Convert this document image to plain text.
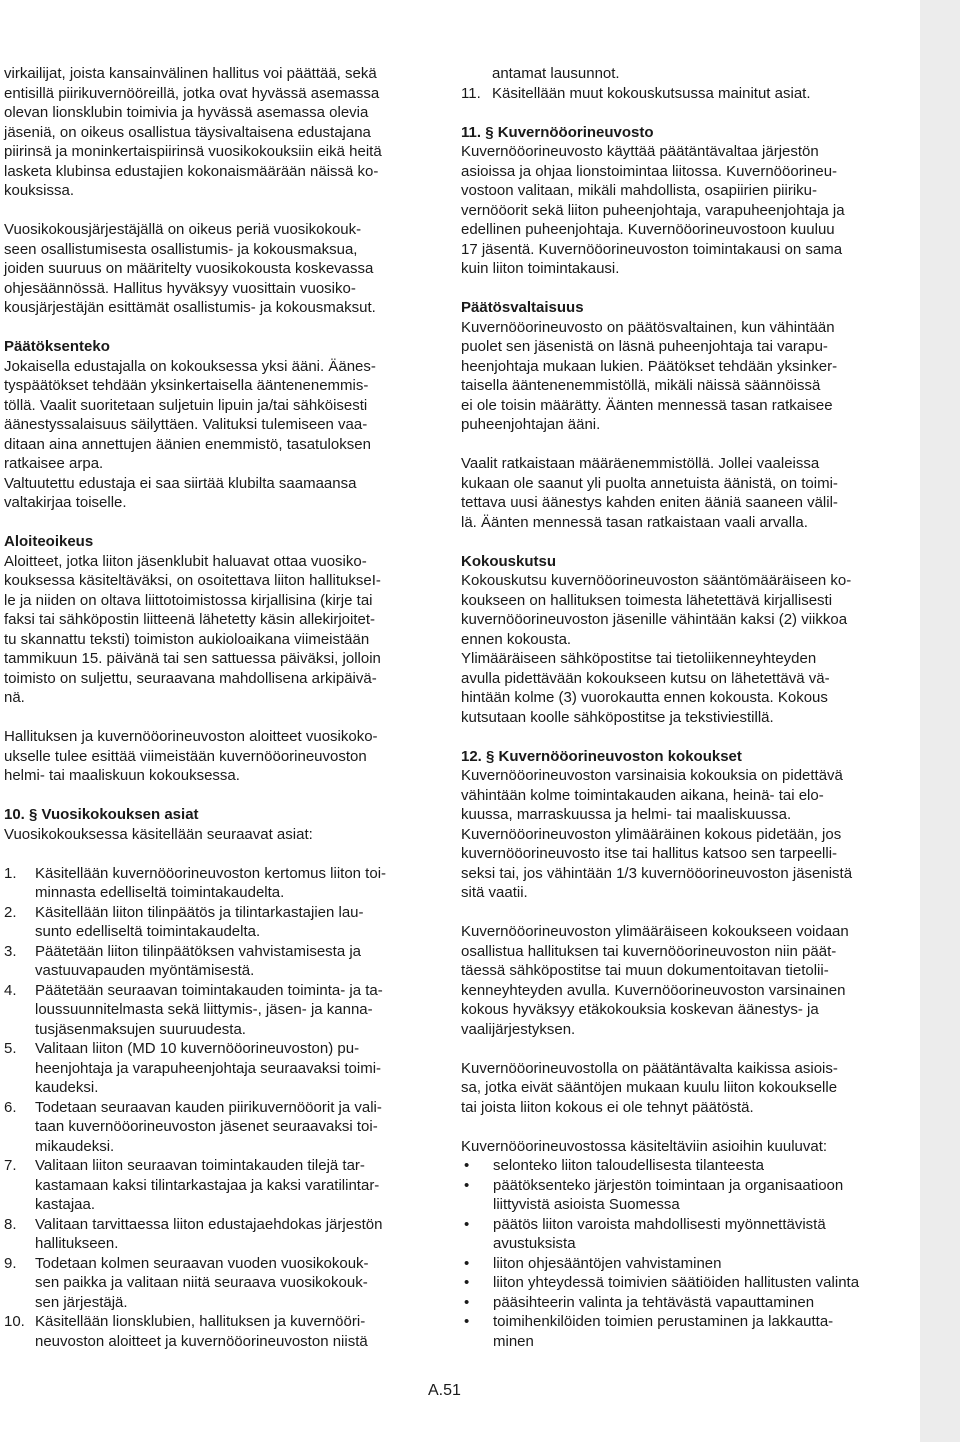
virkailijat, joista kansainvälinen hallitus voi päättää, sekä
entisillä piirikuvernööreillä, jotka ovat hyvässä asemassa
olevan lionsklubin toimivia ja hyvässä asemassa olevia
jäseniä, on oikeus osallistua täysivaltaisena edustajana
piirinsä ja moninkertaispiirinsä vuosikokouksiin eikä heitä
lasketa klubinsa edustajien kokonaismäärään näissä ko-
kouksissa.

Vuosikokousjärjestäjällä on oikeus periä vuosikokouk-
seen osallistumisesta osallistumis- ja kokousmaksua,
joiden suuruus on määritelty vuosikokousta koskevassa
ohjesäännössä. Hallitus hyväksyy vuosittain vuosiko-
kousjärjestäjän esittämät osallistumis- ja kokousmaksut.

Päätöksenteko

Jokaisella edustajalla on kokouksessa yksi ääni. Äänes-
tyspäätökset tehdään yksinkertaisella ääntenenemmis-
töllä. Vaalit suoritetaan suljetuin lipuin ja/tai sähköisesti
äänestyssalaisuus säilyttäen. Valituksi tulemiseen vaa-
ditaan aina annettujen äänien enemmistö, tasatuloksen
ratkaisee arpa.
Valtuutettu edustaja ei saa siirtää klubilta saamaansa
valtakirjaa toiselle.

Aloiteoikeus

Aloitteet, jotka liiton jäsenklubit haluavat ottaa vuosiko-
kouksessa käsiteltäväksi, on osoitettava liiton hallitukseI-
le ja niiden on oltava liittotoimistossa kirjallisina (kirje tai
faksi tai sähköpostin liitteenä lähetetty käsin allekirjoitet-
tu skannattu teksti) toimiston aukioloaikana viimeistään
tammikuun 15. päivänä tai sen sattuessa päiväksi, jolloin
toimisto on suljettu, seuraavana mahdollisena arkipäivä-
nä.

Hallituksen ja kuvernööorineuvoston aloitteet vuosikoko-
ukselle tulee esittää viimeistään kuvernööorineuvoston
helmi- tai maaliskuun kokouksessa.

10. § Vuosikokouksen asiat

Vuosikokouksessa käsitellään seuraavat asiat:

1. Käsitellään kuvernööorineuvoston kertomus liiton toi-
minnasta edelliseltä toimintakaudelta.
2. Käsitellään liiton tilinpäätös ja tilintarkastajien lau-
sunto edelliseltä toimintakaudelta.
3. Päätetään liiton tilinpäätöksen vahvistamisesta ja
vastuuvapauden myöntämisestä.
4. Päätetään seuraavan toimintakauden toiminta- ja ta-
loussuunnitelmasta sekä liittymis-, jäsen- ja kanna-
tusjäsenmaksujen suuruudesta.
5. Valitaan liiton (MD 10 kuvernööorineuvoston) pu-
heenjohtaja ja varapuheenjohtaja seuraavaksi toimi-
kaudeksi.
6. Todetaan seuraavan kauden piirikuvernööorit ja vali-
taan kuvernööorineuvoston jäsenet seuraavaksi toi-
mikaudeksi.
7. Valitaan liiton seuraavan toimintakauden tilejä tar-
kastamaan kaksi tilintarkastajaa ja kaksi varatilintar-
kastajaa.
8. Valitaan tarvittaessa liiton edustajaehdokas järjestön
hallitukseen.
9. Todetaan kolmen seuraavan vuoden vuosikokouk-
sen paikka ja valitaan niitä seuraava vuosikokouk-
sen järjestäjä.
10. Käsitellään lionsklubien, hallituksen ja kuvernööri-
neuvoston aloitteet ja kuvernööorineuvoston niistä
antamat lausunnot.
11. Käsitellään muut kokouskutsussa mainitut asiat.

11. § Kuvernööorineuvosto

Kuvernööorineuvosto käyttää päätäntävaltaa järjestön
asioissa ja ohjaa lionstoimintaa liitossa. Kuvernööorineu-
vostoon valitaan, mikäli mahdollista, osapiirien piiriku-
vernööorit sekä liiton puheenjohtaja, varapuheenjohtaja ja
edellinen puheenjohtaja. Kuvernööorineuvostoon kuuluu
17 jäsentä. Kuvernööorineuvoston toimintakausi on sama
kuin liiton toimintakausi.

Päätösvaltaisuus

Kuvernööorineuvosto on päätösvaltainen, kun vähintään
puolet sen jäsenistä on läsnä puheenjohtaja tai varapu-
heenjohtaja mukaan lukien. Päätökset tehdään yksinker-
taisella ääntenenemmistöllä, mikäli näissä säännöissä
ei ole toisin määrätty. Äänten mennessä tasan ratkaisee
puheenjohtajan ääni.

Vaalit ratkaistaan määräenemmistöllä. Jollei vaaleissa
kukaan ole saanut yli puolta annetuista äänistä, on toimi-
tettava uusi äänestys kahden eniten ääniä saaneen välil-
lä. Äänten mennessä tasan ratkaistaan vaali arvalla.

Kokouskutsu

Kokouskutsu kuvernööorineuvoston sääntömääräiseen ko-
koukseen on hallituksen toimesta lähetettävä kirjallisesti
kuvernööorineuvoston jäsenille vähintään kaksi (2) viikkoa
ennen kokousta.
Ylimääräiseen sähköpostitse tai tietoliikenneyhteyden
avulla pidettävään kokoukseen kutsu on lähetettävä vä-
hintään kolme (3) vuorokautta ennen kokousta. Kokous
kutsutaan koolle sähköpostitse ja tekstiviestillä.

12. § Kuvernööorineuvoston kokoukset

Kuvernööorineuvoston varsinaisia kokouksia on pidettävä
vähintään kolme toimintakauden aikana, heinä- tai elo-
kuussa, marraskuussa ja helmi- tai maaliskuussa.
Kuvernööorineuvoston ylimääräinen kokous pidetään, jos
kuvernööorineuvosto itse tai hallitus katsoo sen tarpeelli-
seksi tai, jos vähintään 1/3 kuvernööorineuvoston jäsenistä
sitä vaatii.

Kuvernööorineuvoston ylimääräiseen kokoukseen voidaan
osallistua hallituksen tai kuvernööorineuvoston niin päät-
täessä sähköpostitse tai muun dokumentoitavan tietolii-
kenneyhteyden avulla. Kuvernööorineuvoston varsinainen
kokous hyväksyy etäkokouksia koskevan äänestys- ja
vaalijärjestyksen.

Kuvernööorineuvostolla on päätäntävalta kaikissa asiois-
sa, jotka eivät sääntöjen mukaan kuulu liiton kokoukselle
tai joista liiton kokous ei ole tehnyt päätöstä.

Kuvernööorineuvostossa käsiteltäviin asioihin kuuluvat:

• selonteko liiton taloudellisesta tilanteesta
• päätöksenteko järjestön toimintaan ja organisaatioon
liittyvistä asioista Suomessa
• päätös liiton varoista mahdollisesti myönnettävistä
avustuksista
• liiton ohjesääntöjen vahvistaminen
• liiton yhteydessä toimivien säätiöiden hallitusten valinta
• pääsihteerin valinta ja tehtävästä vapauttaminen
• toimihenkilöiden toimien perustaminen ja lakkautta-
minen
A.51
